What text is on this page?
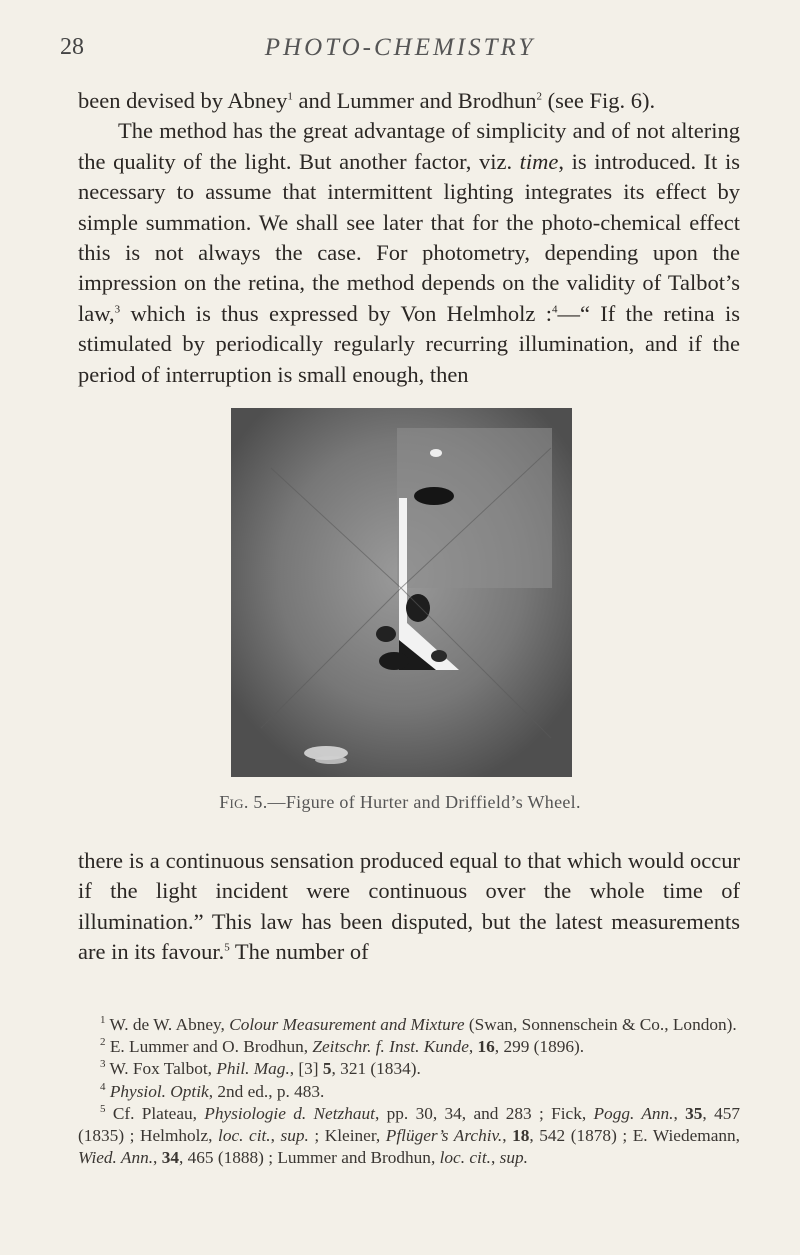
28	PHOTO-CHEMISTRY

been devised by Abney$^1$ and Lummer and Brodhun$^2$ (see Fig. 6).

The method has the great advantage of simplicity and of not altering the quality of the light. But another factor, viz. time, is introduced. It is necessary to assume that intermittent lighting integrates its effect by simple summation. We shall see later that for the photo-chemical effect this is not always the case. For photometry, depending upon the impression on the retina, the method depends on the validity of Talbot’s law,$^3$ which is thus expressed by Von Helmholz :$^4$—“ If the retina is stimulated by periodically regularly recurring illumination, and if the period of interruption is small enough, then

Fig. 5.—Figure of Hurter and Driffield’s Wheel.

there is a continuous sensation produced equal to that which would occur if the light incident were continuous over the whole time of illumination.” This law has been disputed, but the latest measurements are in its favour.$^5$ The number of

$^1$ W. de W. Abney, Colour Measurement and Mixture (Swan, Sonnenschein & Co., London).

$^2$ E. Lummer and O. Brodhun, Zeitschr. f. Inst. Kunde, 16, 299 (1896).

$^3$ W. Fox Talbot, Phil. Mag., [3] 5, 321 (1834).

$^4$ Physiol. Optik, 2nd ed., p. 483.

$^5$ Cf. Plateau, Physiologie d. Netzhaut, pp. 30, 34, and 283 ; Fick, Pogg. Ann., 35, 457 (1835) ; Helmholz, loc. cit., sup. ; Kleiner, Pflüger’s Archiv., 18, 542 (1878) ; E. Wiedemann, Wied. Ann., 34, 465 (1888) ; Lummer and Brodhun, loc. cit., sup.
